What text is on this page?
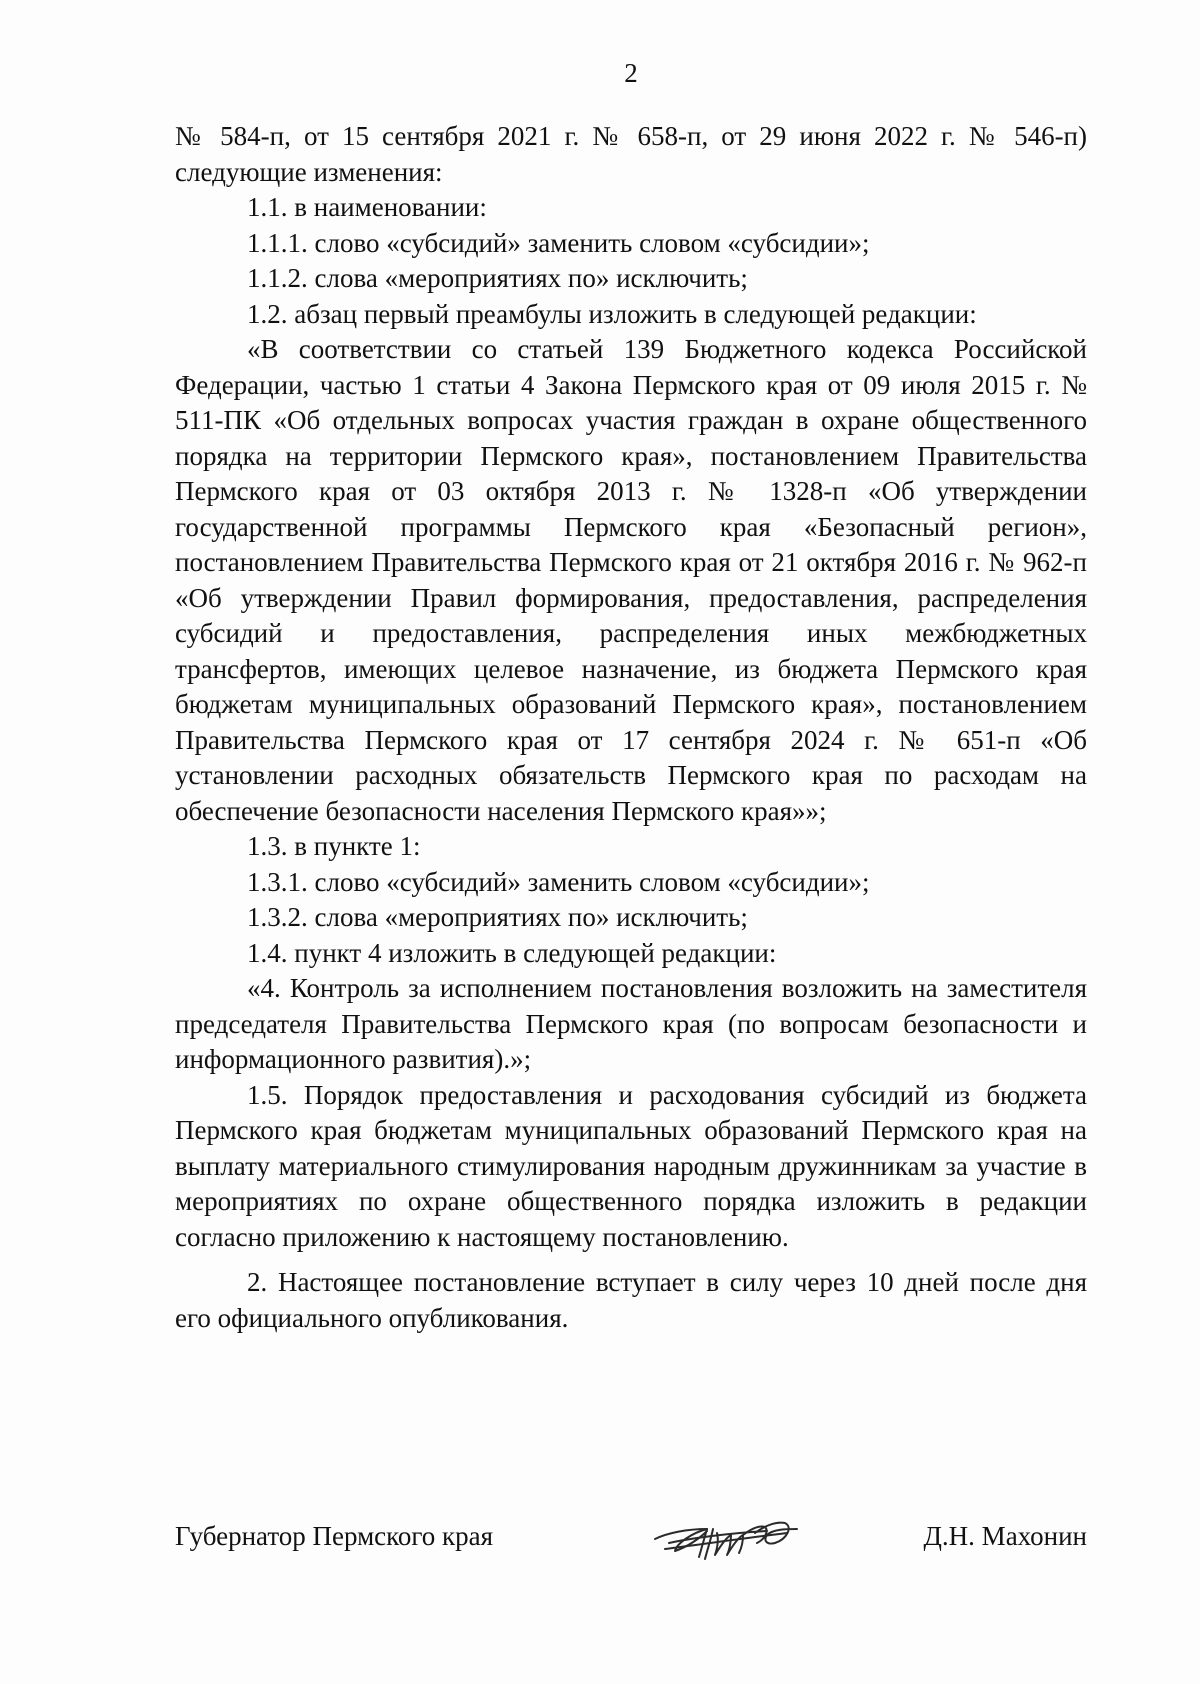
2

№ 584-п, от 15 сентября 2021 г. № 658-п, от 29 июня 2022 г. № 546-п) следующие изменения:

1.1. в наименовании:

1.1.1. слово «субсидий» заменить словом «субсидии»;

1.1.2. слова «мероприятиях по» исключить;

1.2. абзац первый преамбулы изложить в следующей редакции:

«В соответствии со статьей 139 Бюджетного кодекса Российской Федерации, частью 1 статьи 4 Закона Пермского края от 09 июля 2015 г. № 511-ПК «Об отдельных вопросах участия граждан в охране общественного порядка на территории Пермского края», постановлением Правительства Пермского края от 03 октября 2013 г. № 1328-п «Об утверждении государственной программы Пермского края «Безопасный регион», постановлением Правительства Пермского края от 21 октября 2016 г. № 962-п «Об утверждении Правил формирования, предоставления, распределения субсидий и предоставления, распределения иных межбюджетных трансфертов, имеющих целевое назначение, из бюджета Пермского края бюджетам муниципальных образований Пермского края», постановлением Правительства Пермского края от 17 сентября 2024 г. № 651-п «Об установлении расходных обязательств Пермского края по расходам на обеспечение безопасности населения Пермского края»»;

1.3. в пункте 1:

1.3.1. слово «субсидий» заменить словом «субсидии»;

1.3.2. слова «мероприятиях по» исключить;

1.4. пункт 4 изложить в следующей редакции:

«4. Контроль за исполнением постановления возложить на заместителя председателя Правительства Пермского края (по вопросам безопасности и информационного развития).»;

1.5. Порядок предоставления и расходования субсидий из бюджета Пермского края бюджетам муниципальных образований Пермского края на выплату материального стимулирования народным дружинникам за участие в мероприятиях по охране общественного порядка изложить в редакции согласно приложению к настоящему постановлению.

2. Настоящее постановление вступает в силу через 10 дней после дня его официального опубликования.

Губернатор Пермского края	Д.Н. Махонин
